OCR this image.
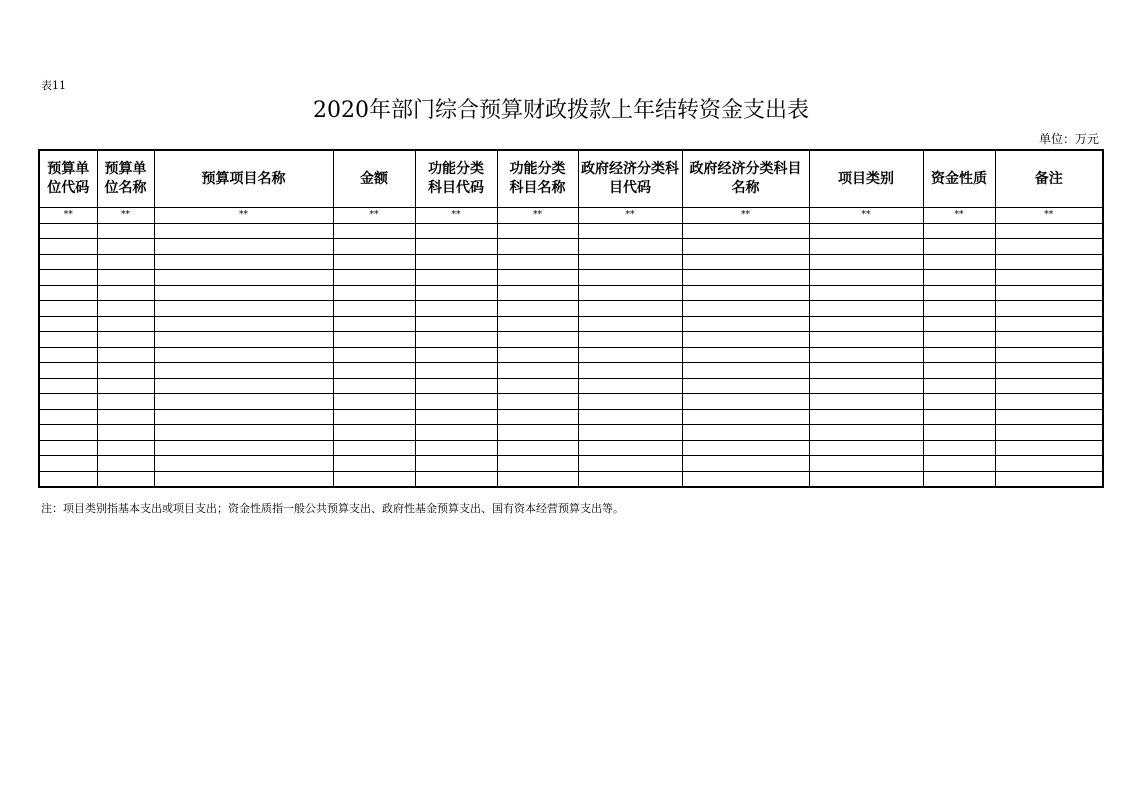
表11
2020年部门综合预算财政拨款上年结转资金支出表
单位：万元
预算单位代码	预算单位名称	预算项目名称	金额	功能分类科目代码	功能分类科目名称	政府经济分类科目代码	政府经济分类科目名称	项目类别	资金性质	备注
**	**	**	**	**	**	**	**	**	**	**

注：项目类别指基本支出或项目支出；资金性质指一般公共预算支出、政府性基金预算支出、国有资本经营预算支出等。
